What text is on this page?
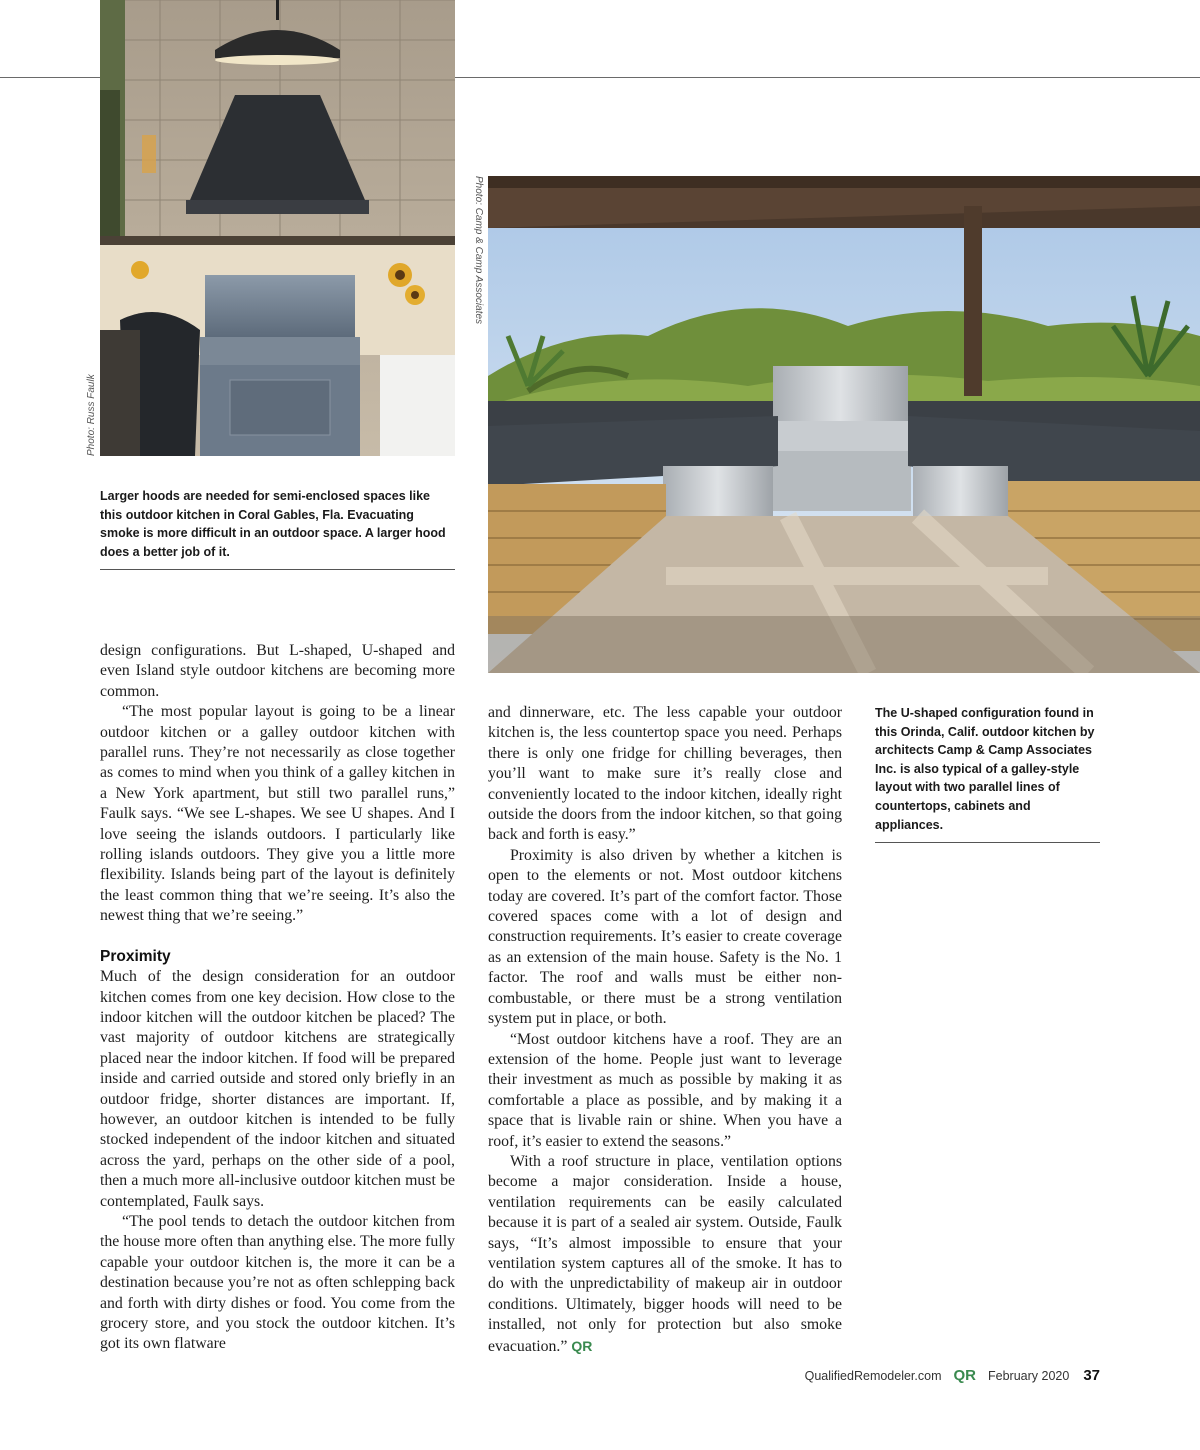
Photo: Russ Faulk
Photo: Camp & Camp Associates
Larger hoods are needed for semi-enclosed spaces like this outdoor kitchen in Coral Gables, Fla. Evacuating smoke is more difficult in an outdoor space. A larger hood does a better job of it.
The U-shaped configuration found in this Orinda, Calif. outdoor kitchen by architects Camp & Camp Associates Inc. is also typical of a galley-style layout with two parallel lines of countertops, cabinets and appliances.

design configurations. But L-shaped, U-shaped and even Island style outdoor kitchens are becoming more common.

“The most popular layout is going to be a linear outdoor kitchen or a galley outdoor kitchen with parallel runs. They’re not necessarily as close together as comes to mind when you think of a galley kitchen in a New York apartment, but still two parallel runs,” Faulk says. “We see L-shapes. We see U shapes. And I love seeing the islands outdoors. I particularly like rolling islands outdoors. They give you a little more flexibility. Islands being part of the layout is definitely the least common thing that we’re seeing. It’s also the newest thing that we’re seeing.”

Proximity

Much of the design consideration for an outdoor kitchen comes from one key decision. How close to the indoor kitchen will the outdoor kitchen be placed? The vast majority of outdoor kitchens are strategically placed near the indoor kitchen. If food will be prepared inside and carried outside and stored only briefly in an outdoor fridge, shorter distances are important. If, however, an outdoor kitchen is intended to be fully stocked independent of the indoor kitchen and situated across the yard, perhaps on the other side of a pool, then a much more all-inclusive outdoor kitchen must be contemplated, Faulk says.

“The pool tends to detach the outdoor kitchen from the house more often than anything else. The more fully capable your outdoor kitchen is, the more it can be a destination because you’re not as often schlepping back and forth with dirty dishes or food. You come from the grocery store, and you stock the outdoor kitchen. It’s got its own flatware

and dinnerware, etc. The less capable your outdoor kitchen is, the less countertop space you need. Perhaps there is only one fridge for chilling beverages, then you’ll want to make sure it’s really close and conveniently located to the indoor kitchen, ideally right outside the doors from the indoor kitchen, so that going back and forth is easy.”

Proximity is also driven by whether a kitchen is open to the elements or not. Most outdoor kitchens today are covered. It’s part of the comfort factor. Those covered spaces come with a lot of design and construction requirements. It’s easier to create coverage as an extension of the main house. Safety is the No. 1 factor. The roof and walls must be either non-combustable, or there must be a strong ventilation system put in place, or both.

“Most outdoor kitchens have a roof. They are an extension of the home. People just want to leverage their investment as much as possible by making it as comfortable a place as possible, and by making it a space that is livable rain or shine. When you have a roof, it’s easier to extend the seasons.”

With a roof structure in place, ventilation options become a major consideration. Inside a house, ventilation requirements can be easily calculated because it is part of a sealed air system. Outside, Faulk says, “It’s almost impossible to ensure that your ventilation system captures all of the smoke. It has to do with the unpredictability of makeup air in outdoor conditions. Ultimately, bigger hoods will need to be installed, not only for protection but also smoke evacuation.” QR

QualifiedRemodeler.com QR February 2020 37
